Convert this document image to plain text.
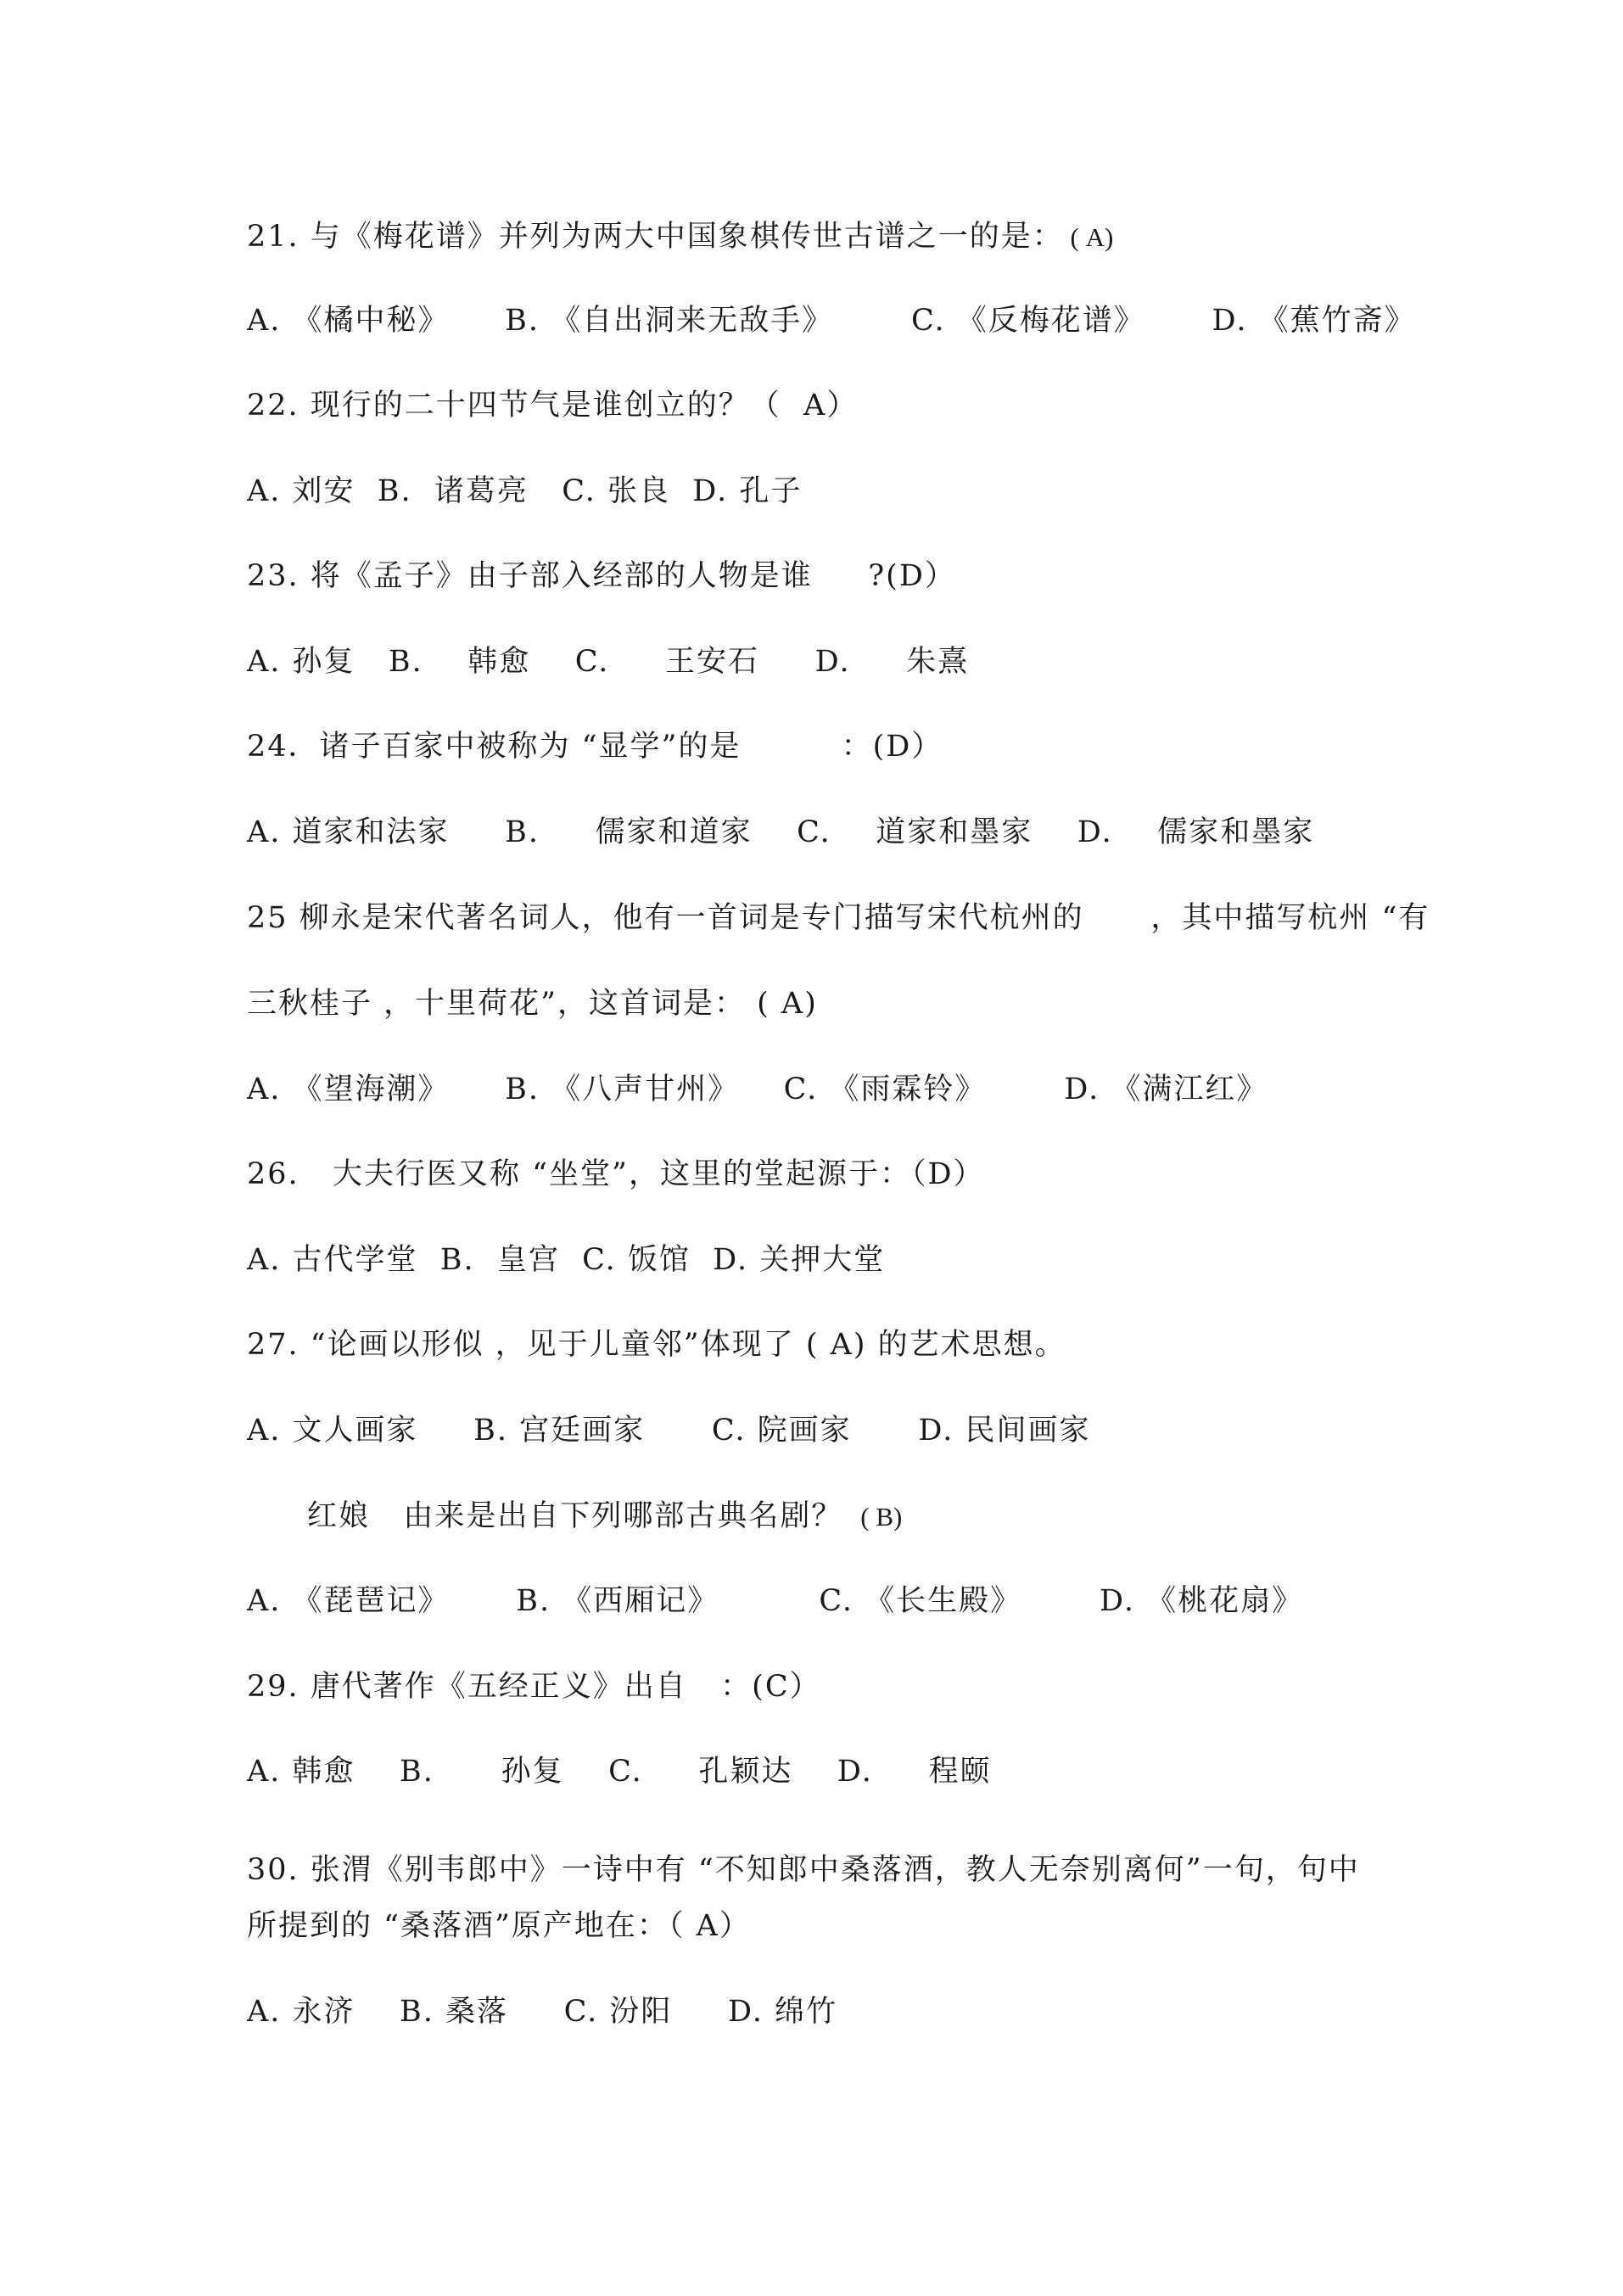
21. 与《梅花谱》并列为两大中国象棋传世古谱之一的是： ( A)
A. 《橘中秘》     B. 《自出洞来无敌手》       C. 《反梅花谱》      D. 《蕉竹斋》
22. 现行的二十四节气是谁创立的？（  A）
A. 刘安  B.  诸葛亮   C. 张良  D. 孔子
23. 将《孟子》由子部入经部的人物是谁     ?(D）
A. 孙复   B.    韩愈    C.     王安石     D.     朱熹
24．诸子百家中被称为 “显学”的是         ：(D）
A. 道家和法家     B.     儒家和道家    C.    道家和墨家    D.    儒家和墨家
25 柳永是宋代著名词人，他有一首词是专门描写宋代杭州的      ，其中描写杭州 “有
三秋桂子 ，十里荷花”，这首词是： ( A)
A. 《望海潮》     B. 《八声甘州》    C. 《雨霖铃》       D. 《满江红》
26.   大夫行医又称 “坐堂”，这里的堂起源于：（D）
A. 古代学堂  B.  皇宫  C. 饭馆  D. 关押大堂
27. “论画以形似 ，见于儿童邻”体现了 ( A) 的艺术思想。
A. 文人画家     B. 宫廷画家      C. 院画家      D. 民间画家
红娘   由来是出自下列哪部古典名剧？  ( B)
A. 《琵琶记》      B. 《西厢记》         C. 《长生殿》       D. 《桃花扇》
29. 唐代著作《五经正义》出自   ：(C）
A. 韩愈    B.      孙复    C.     孔颖达    D.     程颐
30. 张渭《别韦郎中》一诗中有 “不知郎中桑落酒，教人无奈别离何”一句，句中
所提到的 “桑落酒”原产地在：（ A）
A. 永济    B. 桑落     C. 汾阳     D. 绵竹
